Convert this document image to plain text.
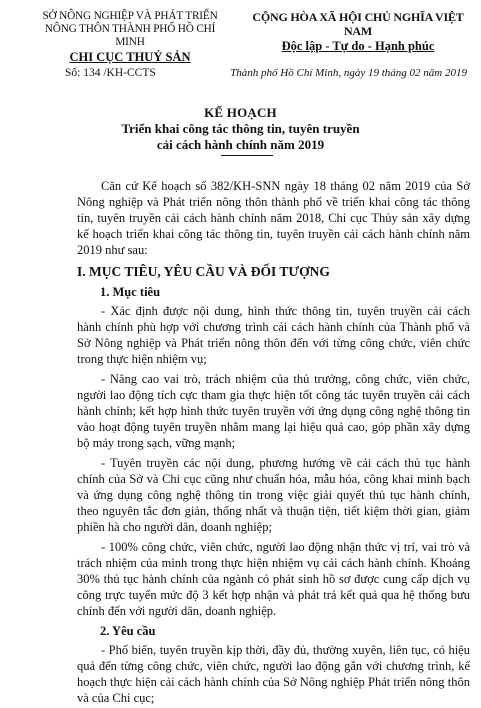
SỞ NÔNG NGHIỆP VÀ PHÁT TRIỂN
NÔNG THÔN THÀNH PHỐ HỒ CHÍ MINH
CHI CỤC THUỶ SẢN
CỘNG HÒA XÃ HỘI CHỦ NGHĨA VIỆT NAM
Độc lập - Tự do - Hạnh phúc
Số: 134 /KH-CCTS	Thành phố Hồ Chí Minh, ngày 19 tháng 02 năm 2019
KẾ HOẠCH
Triển khai công tác thông tin, tuyên truyền
cải cách hành chính năm 2019

Căn cứ Kế hoạch số 382/KH-SNN ngày 18 tháng 02 năm 2019 của Sở Nông nghiệp và Phát triển nông thôn thành phố về triển khai công tác thông tin, tuyên truyền cải cách hành chính năm 2018, Chi cục Thủy sản xây dựng kế hoạch triển khai công tác thông tin, tuyên truyền cải cách hành chính năm 2019 như sau:

I. MỤC TIÊU, YÊU CẦU VÀ ĐỐI TƯỢNG
1. Mục tiêu

- Xác định được nội dung, hình thức thông tin, tuyên truyền cải cách hành chính phù hợp với chương trình cải cách hành chính của Thành phố và Sở Nông nghiệp và Phát triển nông thôn đến với từng công chức, viên chức trong thực hiện nhiệm vụ;

- Nâng cao vai trò, trách nhiệm của thủ trưởng, công chức, viên chức, người lao động tích cực tham gia thực hiện tốt công tác tuyên truyền cải cách hành chính; kết hợp hình thức tuyên truyền với ứng dụng công nghệ thông tin vào hoạt động tuyên truyền nhằm mang lại hiệu quả cao, góp phần xây dựng bộ máy trong sạch, vững mạnh;

- Tuyên truyền các nội dung, phương hướng về cải cách thủ tục hành chính của Sở và Chi cục cũng như chuẩn hóa, mẫu hóa, công khai minh bạch và ứng dụng công nghệ thông tin trong việc giải quyết thủ tục hành chính, theo nguyên tắc đơn giản, thống nhất và thuận tiện, tiết kiệm thời gian, giảm phiền hà cho người dân, doanh nghiệp;

- 100% công chức, viên chức, người lao động nhận thức vị trí, vai trò và trách nhiệm của mình trong thực hiện nhiệm vụ cải cách hành chính. Khoảng 30% thủ tục hành chính của ngành có phát sinh hồ sơ được cung cấp dịch vụ công trực tuyến mức độ 3 kết hợp nhận và phát trả kết quả qua hệ thống bưu chính đến với người dân, doanh nghiệp.

2. Yêu cầu

- Phổ biến, tuyên truyền kịp thời, đầy đủ, thường xuyên, liên tục, có hiệu quả đến từng công chức, viên chức, người lao động gắn với chương trình, kế hoạch thực hiện cải cách hành chính của Sở Nông nghiệp Phát triển nông thôn và của Chi cục;
